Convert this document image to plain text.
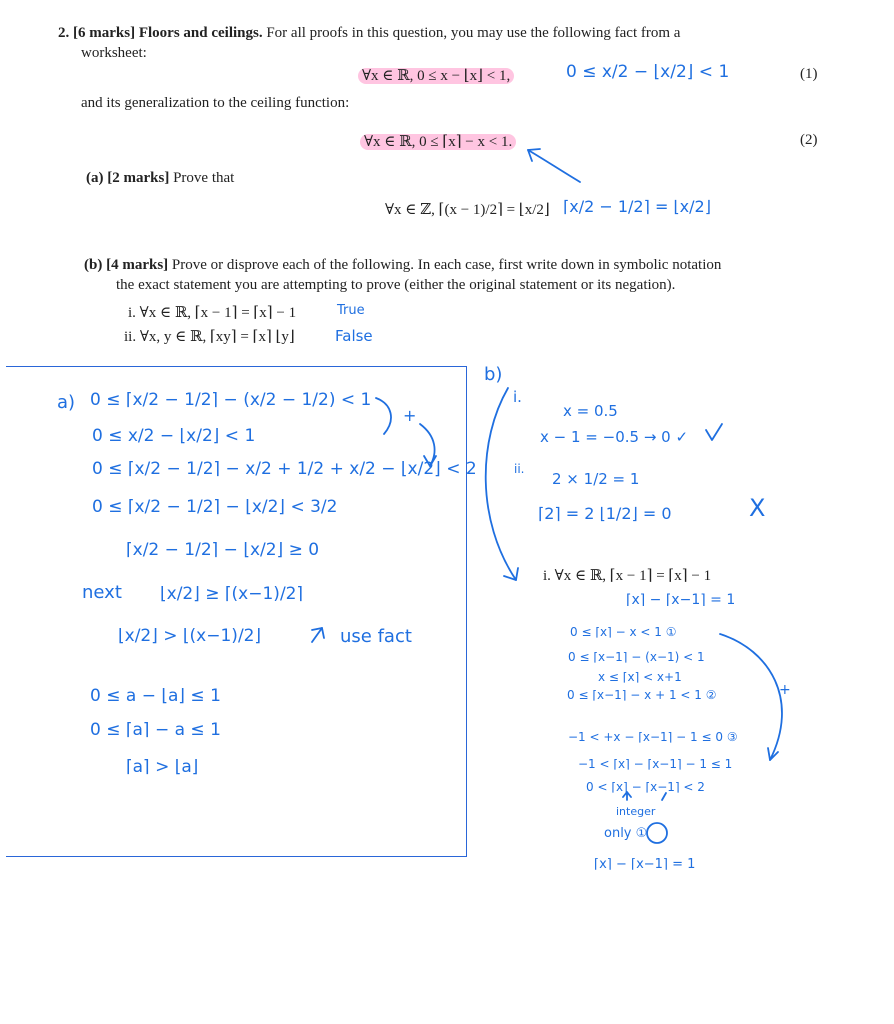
2. [6 marks] Floors and ceilings. For all proofs in this question, you may use the following fact from a
worksheet:
∀x ∈ ℝ, 0 ≤ x − ⌊x⌋ < 1,	0 ≤ x/2 − ⌊x/2⌋ < 1	(1)
and its generalization to the ceiling function:
∀x ∈ ℝ, 0 ≤ ⌈x⌉ − x < 1.	(2)
(a) [2 marks] Prove that
∀x ∈ ℤ, ⌈(x − 1)/2⌉ = ⌊x/2⌋ ⌈x/2 − 1/2⌉ = ⌊x/2⌋
(b) [4 marks] Prove or disprove each of the following. In each case, first write down in symbolic notation
the exact statement you are attempting to prove (either the original statement or its negation).
i. ∀x ∈ ℝ, ⌈x − 1⌉ = ⌈x⌉ − 1	True
ii. ∀x, y ∈ ℝ, ⌈xy⌉ = ⌈x⌉ ⌊y⌋	False
a) 0 ≤ ⌈x/2 − 1/2⌉ − (x/2 − 1/2) < 1
0 ≤ x/2 − ⌊x/2⌋ < 1
0 ≤ ⌈x/2 − 1/2⌉ − x/2 + 1/2 + x/2 − ⌊x/2⌋ < 2
0 ≤ ⌈x/2 − 1/2⌉ − ⌊x/2⌋ < 3/2
⌈x/2 − 1/2⌉ − ⌊x/2⌋ ≥ 0
+
next ⌊x/2⌋ ≥ ⌈(x−1)/2⌉
⌊x/2⌋ > ⌊(x−1)/2⌋	use fact
0 ≤ a − ⌊a⌋ ≤ 1
0 ≤ ⌈a⌉ − a ≤ 1
⌈a⌉ > ⌊a⌋
b)
i.
x = 0.5
x − 1 = −0.5 → 0 ✓
ii.
2 × 1/2 = 1
⌈2⌉ = 2 ⌊1/2⌋ = 0	X
i. ∀x ∈ ℝ, ⌈x − 1⌉ = ⌈x⌉ − 1
⌈x⌉ − ⌈x−1⌉ = 1
0 ≤ ⌈x⌉ − x < 1 ①
0 ≤ ⌈x−1⌉ − (x−1) < 1
x ≤ ⌈x⌉ < x+1
0 ≤ ⌈x−1⌉ − x + 1 < 1 ②
−1 < +x − ⌈x−1⌉ − 1 ≤ 0 ③
−1 < ⌈x⌉ − ⌈x−1⌉ − 1 ≤ 1
0 < ⌈x⌉ − ⌈x−1⌉ < 2
integer
only ①
⌈x⌉ − ⌈x−1⌉ = 1
+
